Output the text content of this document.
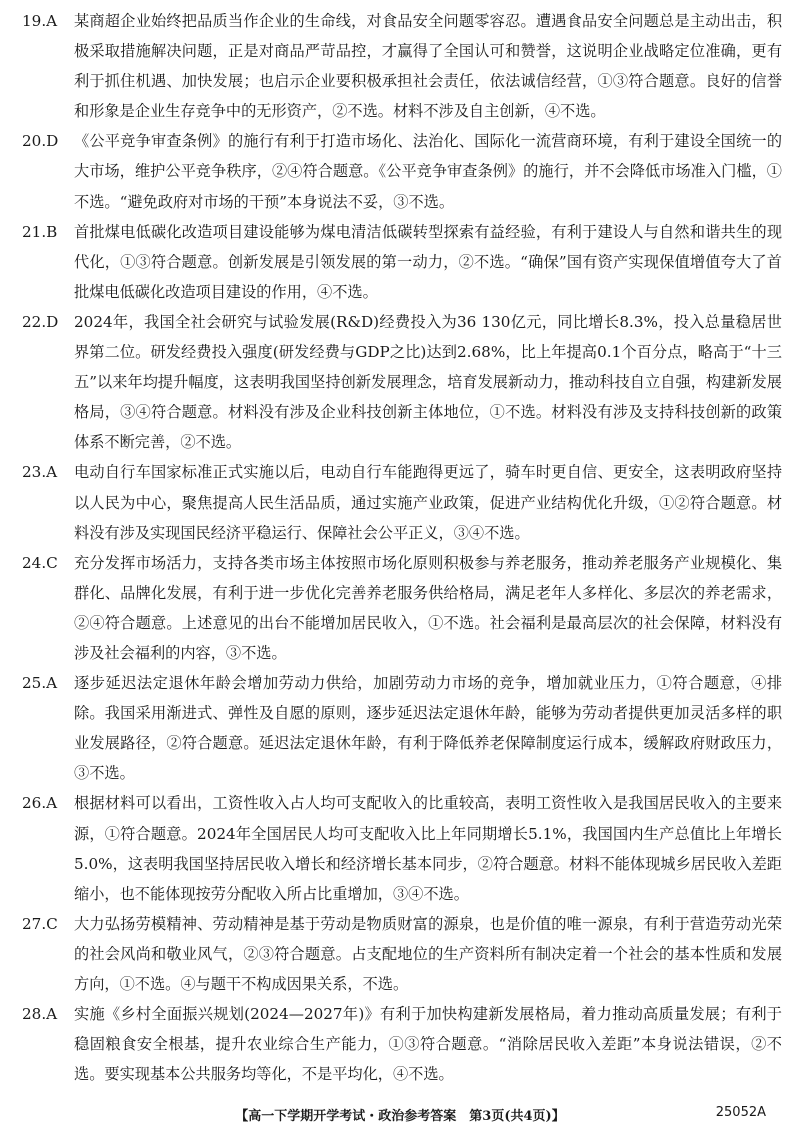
19.A	某商超企业始终把品质当作企业的生命线，对食品安全问题零容忍。遭遇食品安全问题总是主动出击，积极采取措施解决问题，正是对商品严苛品控，才赢得了全国认可和赞誉，这说明企业战略定位准确，更有利于抓住机遇、加快发展；也启示企业要积极承担社会责任，依法诚信经营，①③符合题意。良好的信誉和形象是企业生存竞争中的无形资产，②不选。材料不涉及自主创新，④不选。
20.D	《公平竞争审查条例》的施行有利于打造市场化、法治化、国际化一流营商环境，有利于建设全国统一的大市场，维护公平竞争秩序，②④符合题意。《公平竞争审查条例》的施行，并不会降低市场准入门槛，①不选。“避免政府对市场的干预”本身说法不妥，③不选。
21.B	首批煤电低碳化改造项目建设能够为煤电清洁低碳转型探索有益经验，有利于建设人与自然和谐共生的现代化，①③符合题意。创新发展是引领发展的第一动力，②不选。“确保”国有资产实现保值增值夸大了首批煤电低碳化改造项目建设的作用，④不选。
22.D	2024年，我国全社会研究与试验发展(R&D)经费投入为36 130亿元，同比增长8.3%，投入总量稳居世界第二位。研发经费投入强度(研发经费与GDP之比)达到2.68%，比上年提高0.1个百分点，略高于“十三五”以来年均提升幅度，这表明我国坚持创新发展理念，培育发展新动力，推动科技自立自强，构建新发展格局，③④符合题意。材料没有涉及企业科技创新主体地位，①不选。材料没有涉及支持科技创新的政策体系不断完善，②不选。
23.A	电动自行车国家标准正式实施以后，电动自行车能跑得更远了，骑车时更自信、更安全，这表明政府坚持以人民为中心，聚焦提高人民生活品质，通过实施产业政策，促进产业结构优化升级，①②符合题意。材料没有涉及实现国民经济平稳运行、保障社会公平正义，③④不选。
24.C	充分发挥市场活力，支持各类市场主体按照市场化原则积极参与养老服务，推动养老服务产业规模化、集群化、品牌化发展，有利于进一步优化完善养老服务供给格局，满足老年人多样化、多层次的养老需求，②④符合题意。上述意见的出台不能增加居民收入，①不选。社会福利是最高层次的社会保障，材料没有涉及社会福利的内容，③不选。
25.A	逐步延迟法定退休年龄会增加劳动力供给，加剧劳动力市场的竞争，增加就业压力，①符合题意，④排除。我国采用渐进式、弹性及自愿的原则，逐步延迟法定退休年龄，能够为劳动者提供更加灵活多样的职业发展路径，②符合题意。延迟法定退休年龄，有利于降低养老保障制度运行成本，缓解政府财政压力，③不选。
26.A	根据材料可以看出，工资性收入占人均可支配收入的比重较高，表明工资性收入是我国居民收入的主要来源，①符合题意。2024年全国居民人均可支配收入比上年同期增长5.1%，我国国内生产总值比上年增长5.0%，这表明我国坚持居民收入增长和经济增长基本同步，②符合题意。材料不能体现城乡居民收入差距缩小，也不能体现按劳分配收入所占比重增加，③④不选。
27.C	大力弘扬劳模精神、劳动精神是基于劳动是物质财富的源泉，也是价值的唯一源泉，有利于营造劳动光荣的社会风尚和敬业风气，②③符合题意。占支配地位的生产资料所有制决定着一个社会的基本性质和发展方向，①不选。④与题干不构成因果关系，不选。
28.A	实施《乡村全面振兴规划(2024—2027年)》有利于加快构建新发展格局，着力推动高质量发展；有利于稳固粮食安全根基，提升农业综合生产能力，①③符合题意。“消除居民收入差距”本身说法错误，②不选。要实现基本公共服务均等化，不是平均化，④不选。
【高一下学期开学考试・政治参考答案　第3页(共4页)】	25052A
